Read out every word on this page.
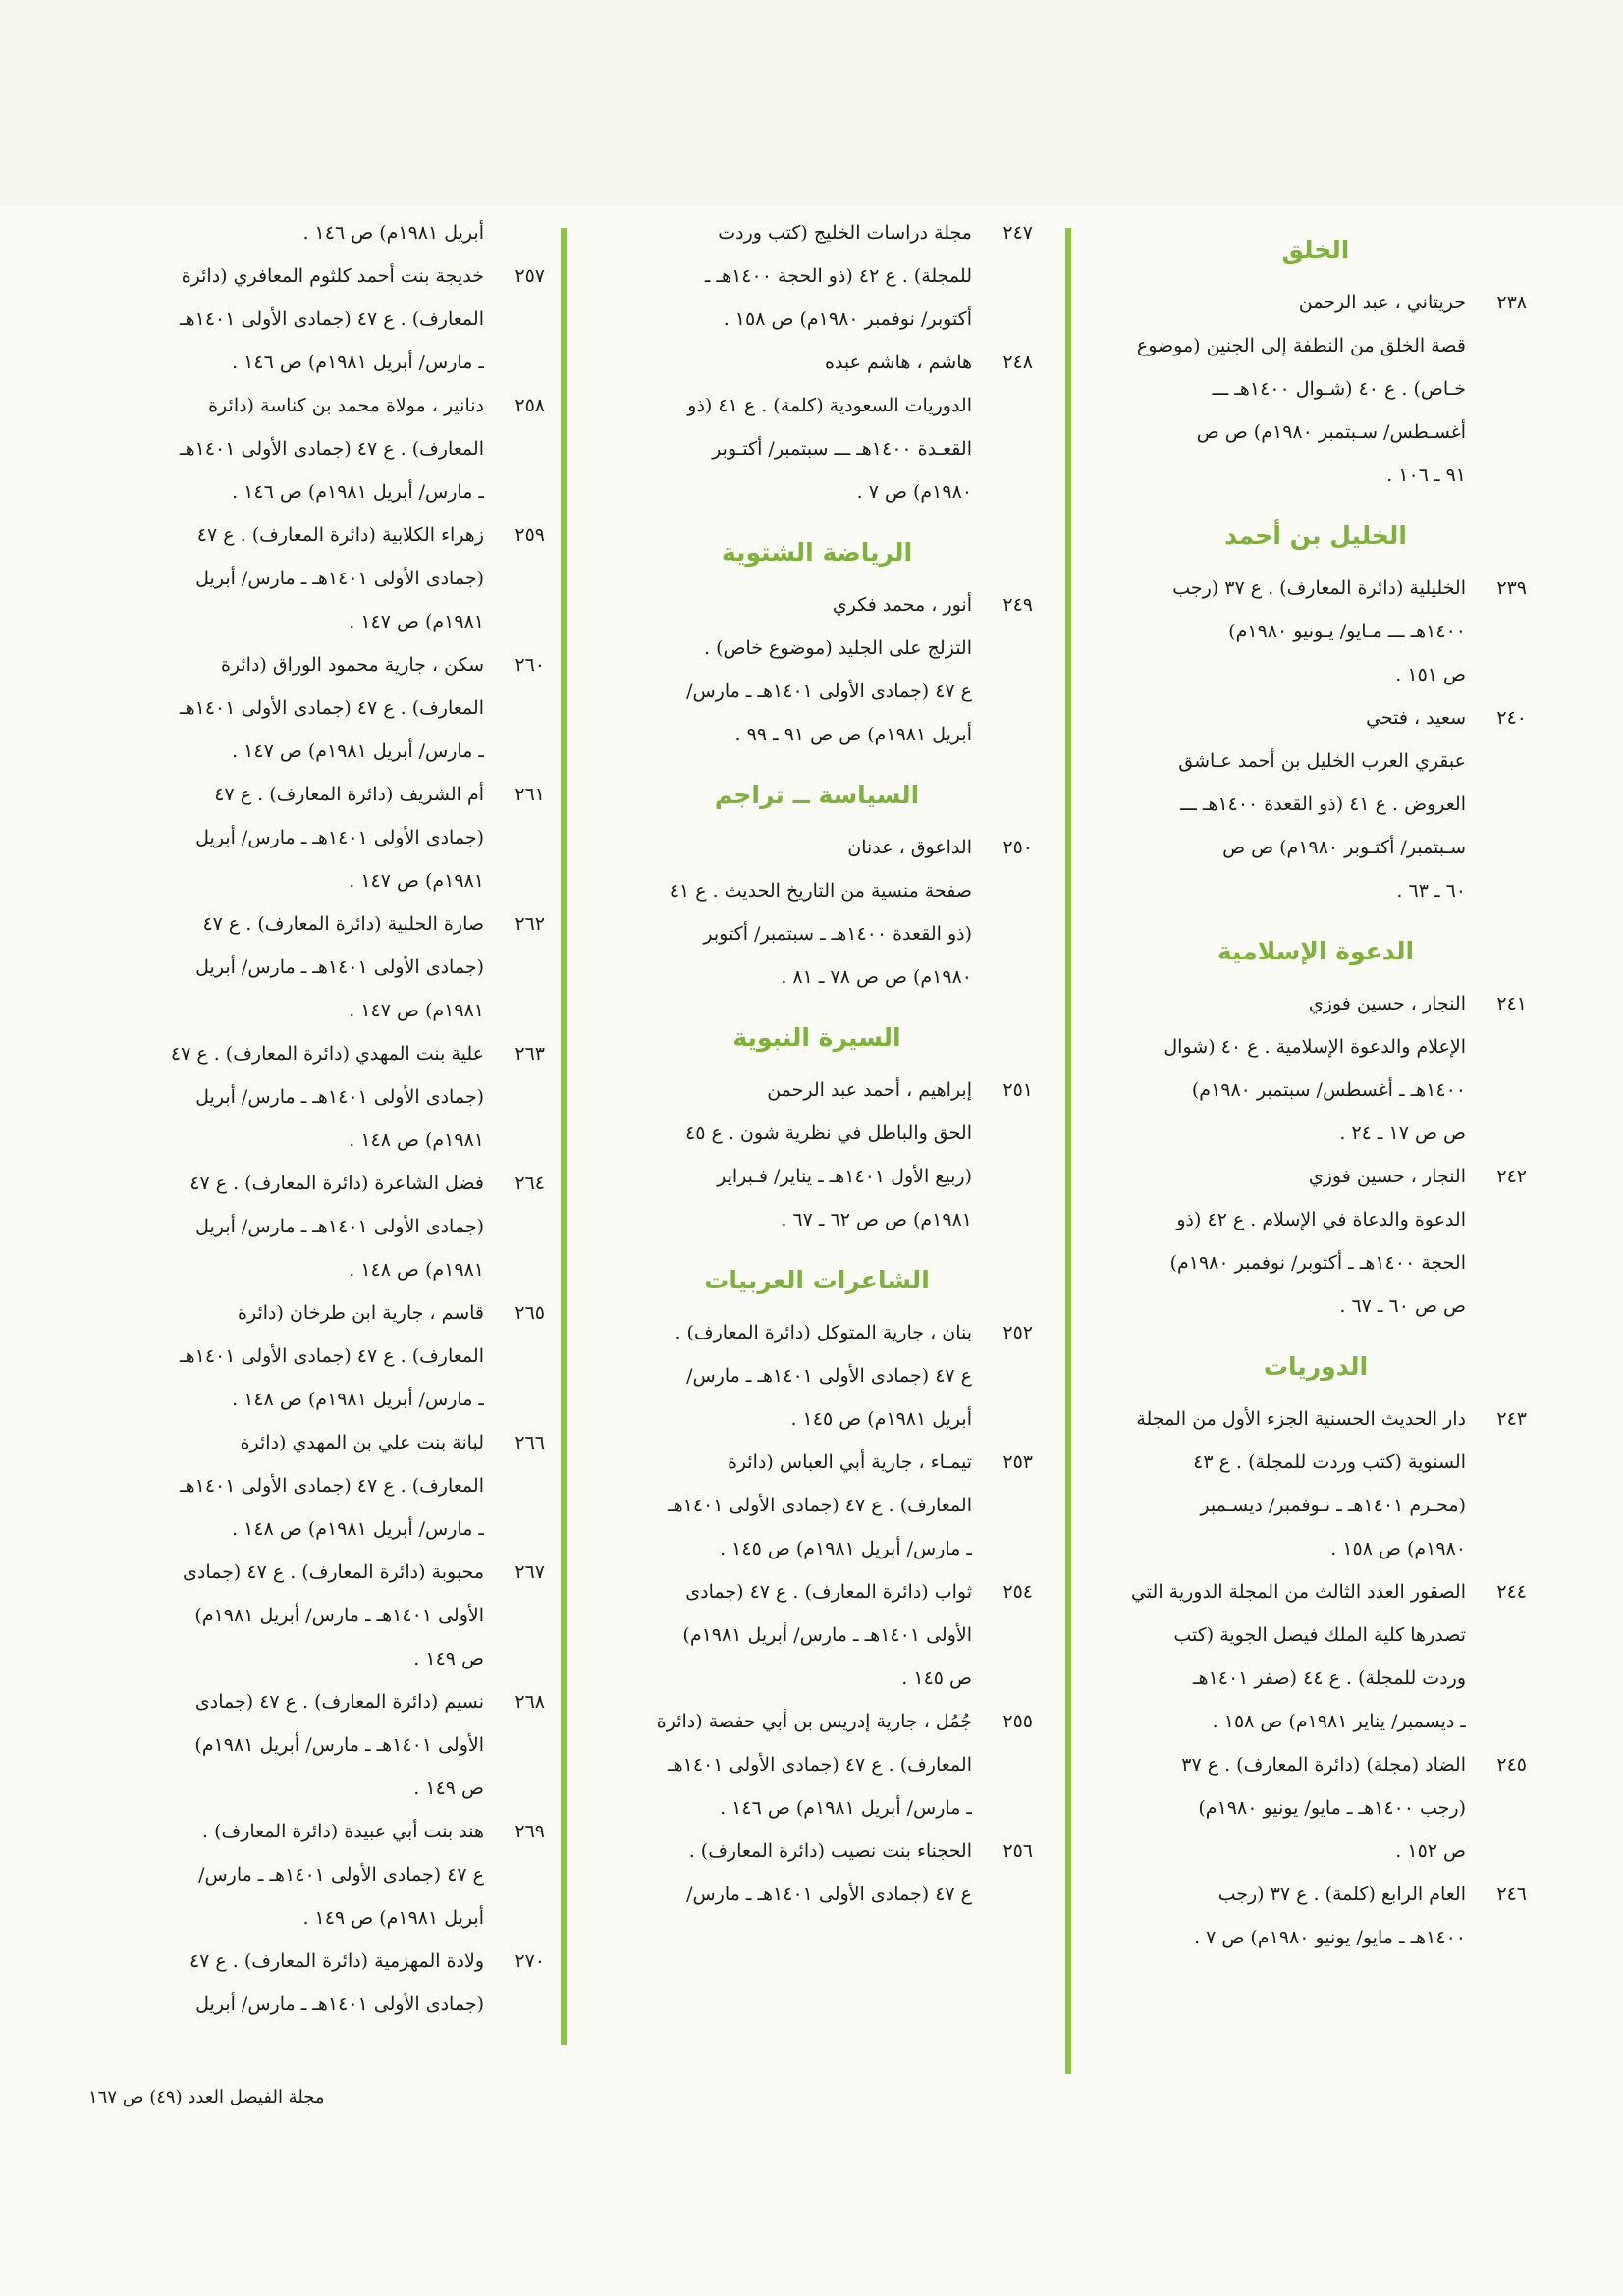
الخلق
٢٣٨
حريتاني ، عبد الرحمن
قصة الخلق من النطفة إلى الجنين (موضوع
خـاص) . ع ٤٠ (شـوال ١٤٠٠هـ ـــ
أغسـطس/ سـبتمبر ١٩٨٠م) ص ص
٩١ ـ ١٠٦ .
الخليل بن أحمد
٢٣٩
الخليلية (دائرة المعارف) . ع ٣٧ (رجب
١٤٠٠هـ ـــ مـايو/ يـونيو ١٩٨٠م)
ص ١٥١ .
٢٤٠
سعيد ، فتحي
عبقري العرب الخليل بن أحمد عـاشق
العروض . ع ٤١ (ذو القعدة ١٤٠٠هـ ـــ
سـبتمبر/ أكتـوبر ١٩٨٠م) ص ص
٦٠ ـ ٦٣ .
الدعوة الإسلامية
٢٤١
النجار ، حسين فوزي
الإعلام والدعوة الإسلامية . ع ٤٠ (شوال
١٤٠٠هـ ـ أغسطس/ سبتمبر ١٩٨٠م)
ص ص ١٧ ـ ٢٤ .
٢٤٢
النجار ، حسين فوزي
الدعوة والدعاة في الإسلام . ع ٤٢ (ذو
الحجة ١٤٠٠هـ ـ أكتوبر/ نوفمبر ١٩٨٠م)
ص ص ٦٠ ـ ٦٧ .
الدوريات
٢٤٣
دار الحديث الحسنية الجزء الأول من المجلة
السنوية (كتب وردت للمجلة) . ع ٤٣
(محـرم ١٤٠١هـ ـ نـوفمبر/ ديسـمبر
١٩٨٠م) ص ١٥٨ .
٢٤٤
الصقور العدد الثالث من المجلة الدورية التي
تصدرها كلية الملك فيصل الجوية (كتب
وردت للمجلة) . ع ٤٤ (صفر ١٤٠١هـ
ـ ديسمبر/ يناير ١٩٨١م) ص ١٥٨ .
٢٤٥
الضاد (مجلة) (دائرة المعارف) . ع ٣٧
(رجب ١٤٠٠هـ ـ مايو/ يونيو ١٩٨٠م)
ص ١٥٢ .
٢٤٦
العام الرابع (كلمة) . ع ٣٧ (رجب
١٤٠٠هـ ـ مايو/ يونيو ١٩٨٠م) ص ٧ .
٢٤٧
مجلة دراسات الخليج (كتب وردت
للمجلة) . ع ٤٢ (ذو الحجة ١٤٠٠هـ ـ
أكتوبر/ نوفمبر ١٩٨٠م) ص ١٥٨ .
٢٤٨
هاشم ، هاشم عبده
الدوريات السعودية (كلمة) . ع ٤١ (ذو
القعـدة ١٤٠٠هـ ـــ سبتمبر/ أكتـوبر
١٩٨٠م) ص ٧ .
الرياضة الشتوية
٢٤٩
أنور ، محمد فكري
التزلج على الجليد (موضوع خاص) .
ع ٤٧ (جمادى الأولى ١٤٠١هـ ـ مارس/
أبريل ١٩٨١م) ص ص ٩١ ـ ٩٩ .
السياسة ــ تراجم
٢٥٠
الداعوق ، عدنان
صفحة منسية من التاريخ الحديث . ع ٤١
(ذو القعدة ١٤٠٠هـ ـ سبتمبر/ أكتوبر
١٩٨٠م) ص ص ٧٨ ـ ٨١ .
السيرة النبوية
٢٥١
إبراهيم ، أحمد عبد الرحمن
الحق والباطل في نظرية شون . ع ٤٥
(ربيع الأول ١٤٠١هـ ـ يناير/ فـبراير
١٩٨١م) ص ص ٦٢ ـ ٦٧ .
الشاعرات العربيات
٢٥٢
بنان ، جارية المتوكل (دائرة المعارف) .
ع ٤٧ (جمادى الأولى ١٤٠١هـ ـ مارس/
أبريل ١٩٨١م) ص ١٤٥ .
٢٥٣
تيمـاء ، جارية أبي العباس (دائرة
المعارف) . ع ٤٧ (جمادى الأولى ١٤٠١هـ
ـ مارس/ أبريل ١٩٨١م) ص ١٤٥ .
٢٥٤
ثواب (دائرة المعارف) . ع ٤٧ (جمادى
الأولى ١٤٠١هـ ـ مارس/ أبريل ١٩٨١م)
ص ١٤٥ .
٢٥٥
جُمُل ، جارية إدريس بن أبي حفصة (دائرة
المعارف) . ع ٤٧ (جمادى الأولى ١٤٠١هـ
ـ مارس/ أبريل ١٩٨١م) ص ١٤٦ .
٢٥٦
الحجناء بنت نصيب (دائرة المعارف) .
ع ٤٧ (جمادى الأولى ١٤٠١هـ ـ مارس/
أبريل ١٩٨١م) ص ١٤٦ .
٢٥٧
خديجة بنت أحمد كلثوم المعافري (دائرة
المعارف) . ع ٤٧ (جمادى الأولى ١٤٠١هـ
ـ مارس/ أبريل ١٩٨١م) ص ١٤٦ .
٢٥٨
دنانير ، مولاة محمد بن كناسة (دائرة
المعارف) . ع ٤٧ (جمادى الأولى ١٤٠١هـ
ـ مارس/ أبريل ١٩٨١م) ص ١٤٦ .
٢٥٩
زهراء الكلابية (دائرة المعارف) . ع ٤٧
(جمادى الأولى ١٤٠١هـ ـ مارس/ أبريل
١٩٨١م) ص ١٤٧ .
٢٦٠
سكن ، جارية محمود الوراق (دائرة
المعارف) . ع ٤٧ (جمادى الأولى ١٤٠١هـ
ـ مارس/ أبريل ١٩٨١م) ص ١٤٧ .
٢٦١
أم الشريف (دائرة المعارف) . ع ٤٧
(جمادى الأولى ١٤٠١هـ ـ مارس/ أبريل
١٩٨١م) ص ١٤٧ .
٢٦٢
صارة الحلبية (دائرة المعارف) . ع ٤٧
(جمادى الأولى ١٤٠١هـ ـ مارس/ أبريل
١٩٨١م) ص ١٤٧ .
٢٦٣
علية بنت المهدي (دائرة المعارف) . ع ٤٧
(جمادى الأولى ١٤٠١هـ ـ مارس/ أبريل
١٩٨١م) ص ١٤٨ .
٢٦٤
فضل الشاعرة (دائرة المعارف) . ع ٤٧
(جمادى الأولى ١٤٠١هـ ـ مارس/ أبريل
١٩٨١م) ص ١٤٨ .
٢٦٥
قاسم ، جارية ابن طرخان (دائرة
المعارف) . ع ٤٧ (جمادى الأولى ١٤٠١هـ
ـ مارس/ أبريل ١٩٨١م) ص ١٤٨ .
٢٦٦
لبانة بنت علي بن المهدي (دائرة
المعارف) . ع ٤٧ (جمادى الأولى ١٤٠١هـ
ـ مارس/ أبريل ١٩٨١م) ص ١٤٨ .
٢٦٧
محبوبة (دائرة المعارف) . ع ٤٧ (جمادى
الأولى ١٤٠١هـ ـ مارس/ أبريل ١٩٨١م)
ص ١٤٩ .
٢٦٨
نسيم (دائرة المعارف) . ع ٤٧ (جمادى
الأولى ١٤٠١هـ ـ مارس/ أبريل ١٩٨١م)
ص ١٤٩ .
٢٦٩
هند بنت أبي عبيدة (دائرة المعارف) .
ع ٤٧ (جمادى الأولى ١٤٠١هـ ـ مارس/
أبريل ١٩٨١م) ص ١٤٩ .
٢٧٠
ولادة المهزمية (دائرة المعارف) . ع ٤٧
(جمادى الأولى ١٤٠١هـ ـ مارس/ أبريل
مجلة الفيصل العدد (٤٩) ص ١٦٧
